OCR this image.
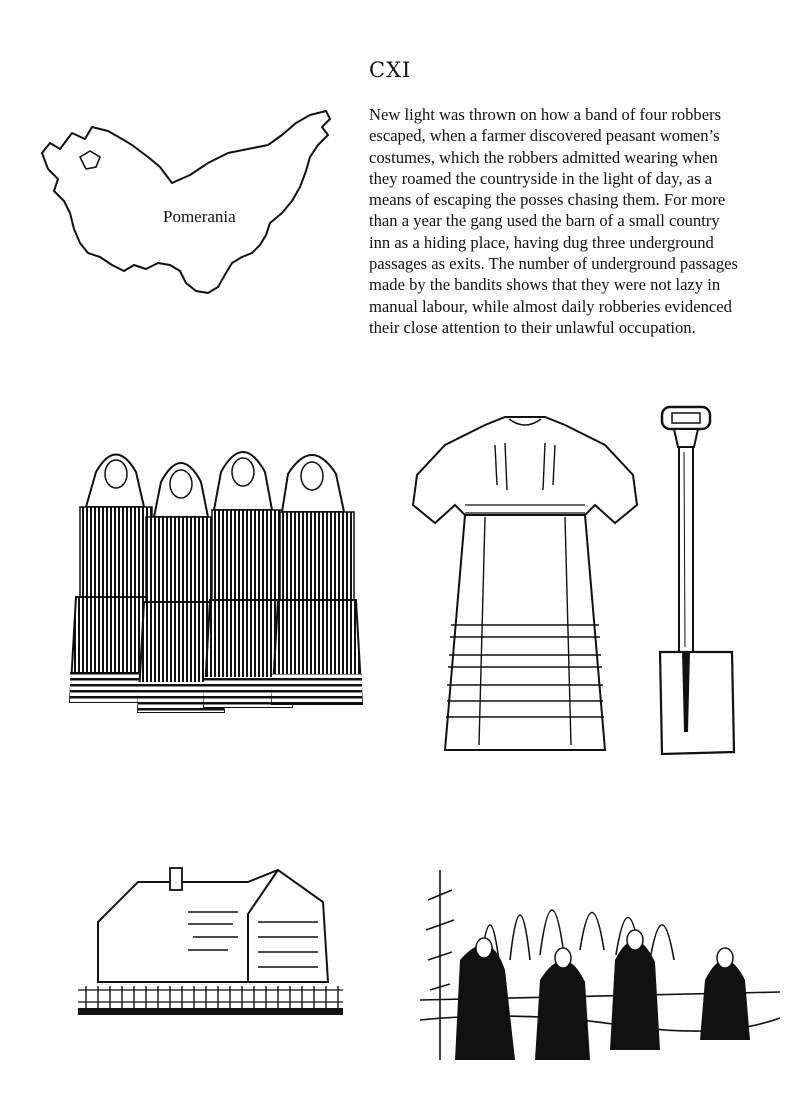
Pomerania
CXI
New light was thrown on how a band of four robbers escaped, when a farmer discovered peasant women’s costumes, which the robbers admitted wearing when they roamed the countryside in the light of day, as a means of escaping the posses chasing them. For more than a year the gang used the barn of a small country inn as a hiding place, having dug three underground passages as exits. The number of underground passages made by the bandits shows that they were not lazy in manual labour, while almost daily robberies evidenced their close attention to their unlawful occupation.
